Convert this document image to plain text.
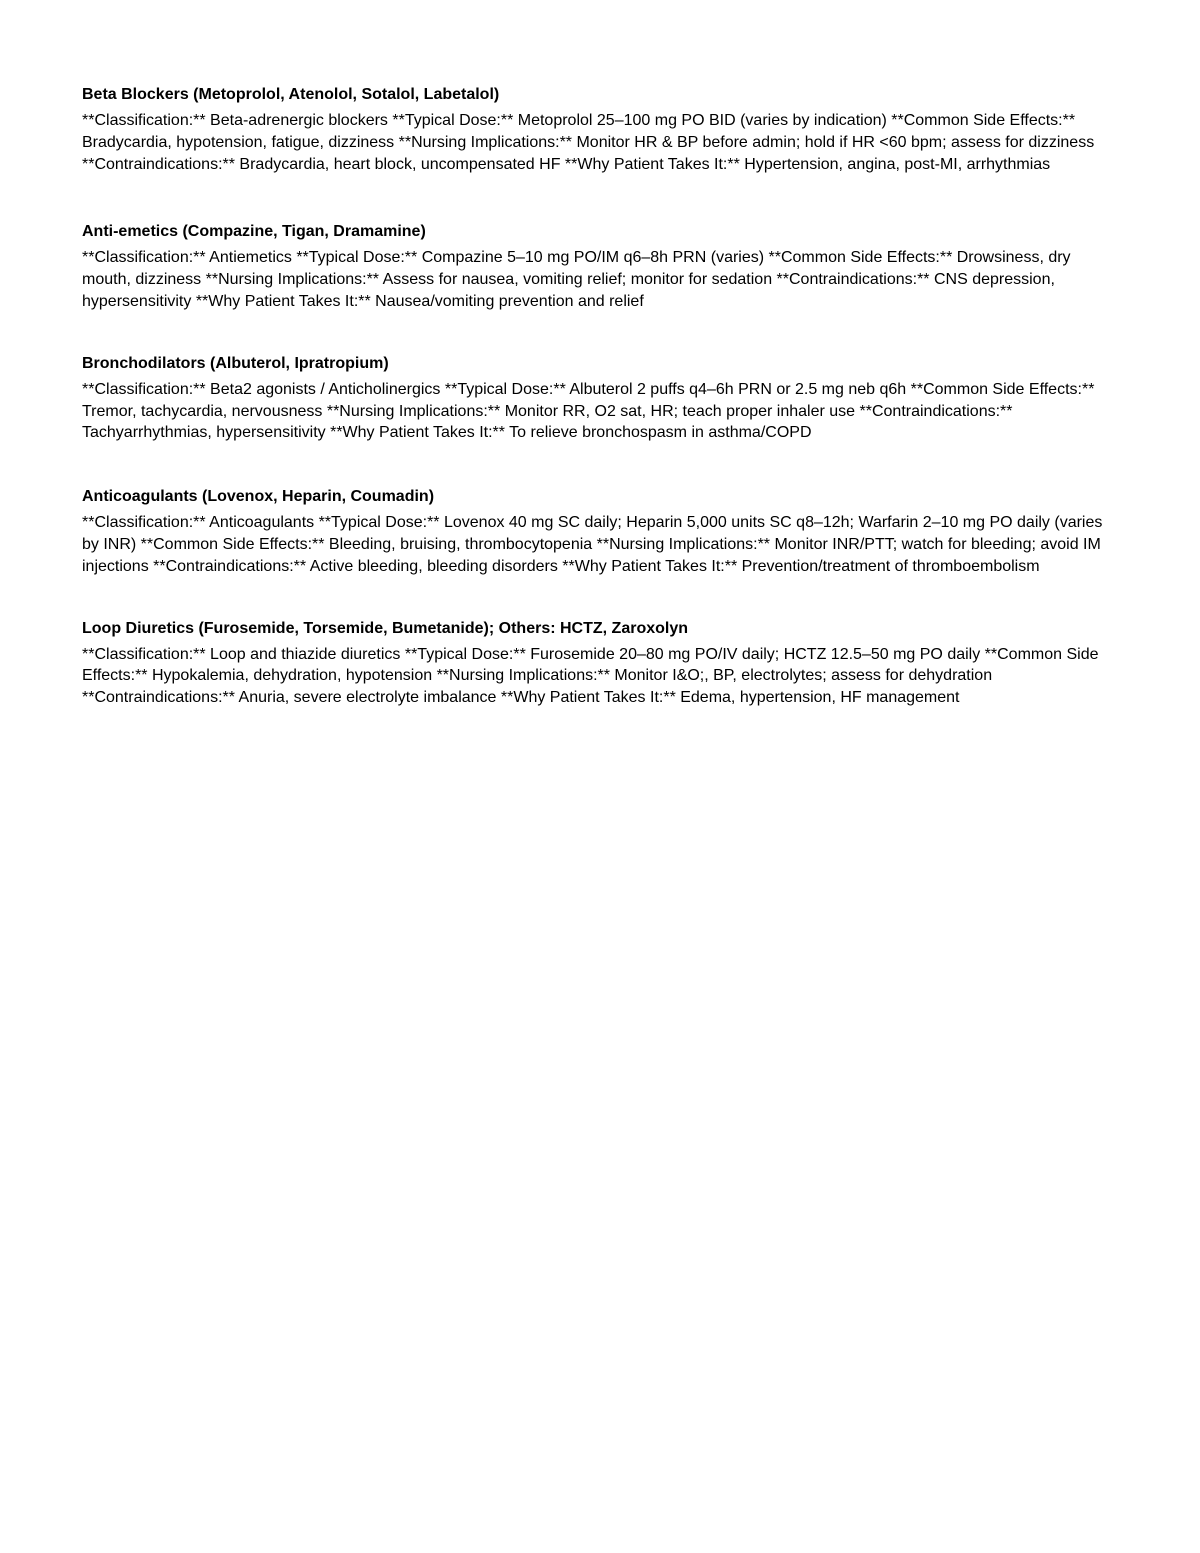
Beta Blockers (Metoprolol, Atenolol, Sotalol, Labetalol)
**Classification:** Beta-adrenergic blockers **Typical Dose:** Metoprolol 25–100 mg PO BID (varies by indication) **Common Side Effects:** Bradycardia, hypotension, fatigue, dizziness **Nursing Implications:** Monitor HR & BP before admin; hold if HR <60 bpm; assess for dizziness **Contraindications:** Bradycardia, heart block, uncompensated HF **Why Patient Takes It:** Hypertension, angina, post-MI, arrhythmias
Anti-emetics (Compazine, Tigan, Dramamine)
**Classification:** Antiemetics **Typical Dose:** Compazine 5–10 mg PO/IM q6–8h PRN (varies) **Common Side Effects:** Drowsiness, dry mouth, dizziness **Nursing Implications:** Assess for nausea, vomiting relief; monitor for sedation **Contraindications:** CNS depression, hypersensitivity **Why Patient Takes It:** Nausea/vomiting prevention and relief
Bronchodilators (Albuterol, Ipratropium)
**Classification:** Beta2 agonists / Anticholinergics **Typical Dose:** Albuterol 2 puffs q4–6h PRN or 2.5 mg neb q6h **Common Side Effects:** Tremor, tachycardia, nervousness **Nursing Implications:** Monitor RR, O2 sat, HR; teach proper inhaler use **Contraindications:** Tachyarrhythmias, hypersensitivity **Why Patient Takes It:** To relieve bronchospasm in asthma/COPD
Anticoagulants (Lovenox, Heparin, Coumadin)
**Classification:** Anticoagulants **Typical Dose:** Lovenox 40 mg SC daily; Heparin 5,000 units SC q8–12h; Warfarin 2–10 mg PO daily (varies by INR) **Common Side Effects:** Bleeding, bruising, thrombocytopenia **Nursing Implications:** Monitor INR/PTT; watch for bleeding; avoid IM injections **Contraindications:** Active bleeding, bleeding disorders **Why Patient Takes It:** Prevention/treatment of thromboembolism
Loop Diuretics (Furosemide, Torsemide, Bumetanide); Others: HCTZ, Zaroxolyn
**Classification:** Loop and thiazide diuretics **Typical Dose:** Furosemide 20–80 mg PO/IV daily; HCTZ 12.5–50 mg PO daily **Common Side Effects:** Hypokalemia, dehydration, hypotension **Nursing Implications:** Monitor I&O;, BP, electrolytes; assess for dehydration **Contraindications:** Anuria, severe electrolyte imbalance **Why Patient Takes It:** Edema, hypertension, HF management
